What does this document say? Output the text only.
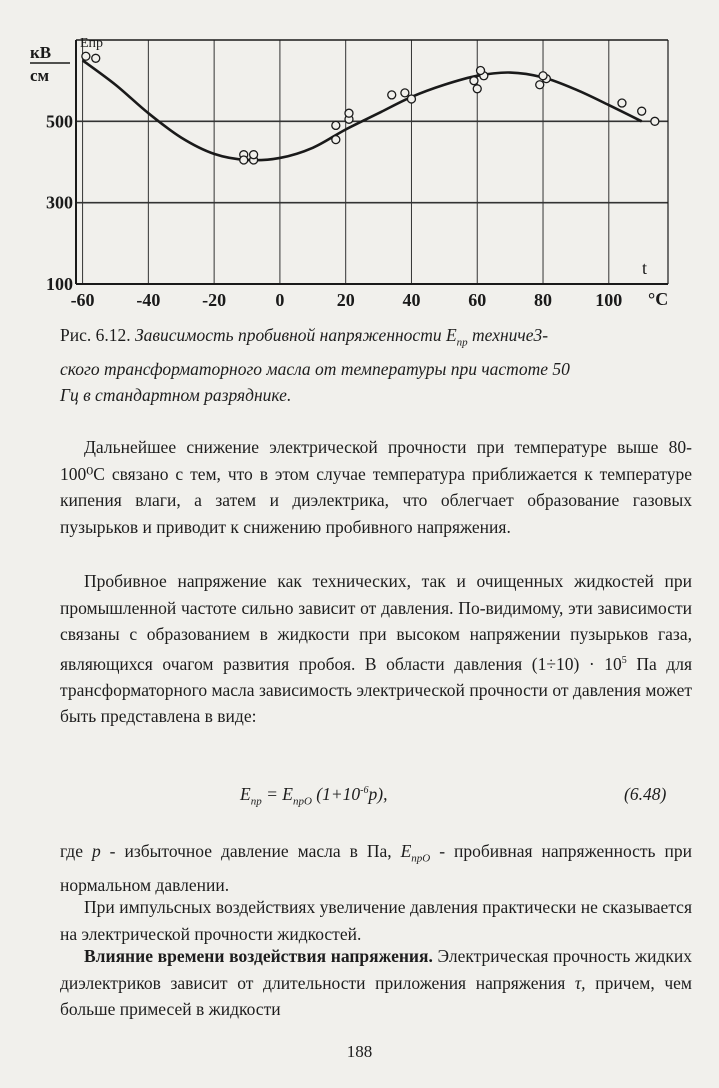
-60 -40 -20	0	20	40	60	80 100
100
300
500
кВ
см
Eпр
t
°C
Рис. 6.12. Зависимость пробивной напряженности $E_{пр}$ техниче3-
ского трансформаторного масла от температуры при частоте 50
Гц в стандартном разряднике.

Дальнейшее снижение электрической прочности при температуре выше 80-100⁰С связано с тем, что в этом случае температура приближается к температуре кипения влаги, а затем и диэлектрика, что облегчает образование газовых пузырьков и приводит к снижению пробивного напряжения.

Пробивное напряжение как технических, так и очищенных жидкостей при промышленной частоте сильно зависит от давления. По-видимому, эти зависимости связаны с образованием в жидкости при высоком напряжении пузырьков газа, являющихся очагом развития пробоя. В области давления $(1\div 10) \cdot 10^5$ Па для трансформаторного масла зависимость электрической прочности от давления может быть представлена в виде:

$E_{пр} = E_{прО}$ $(1+10^{-6}p)$,	(6.48)

где p - избыточное давление масла в Па, $E_{прО}$ - пробивная напряженность при нормальном давлении.

При импульсных воздействиях увеличение давления практически не сказывается на электрической прочности жидкостей.

Влияние времени воздействия напряжения. Электрическая прочность жидких диэлектриков зависит от длительности приложения напряжения τ, причем, чем больше примесей в жидкости

188
